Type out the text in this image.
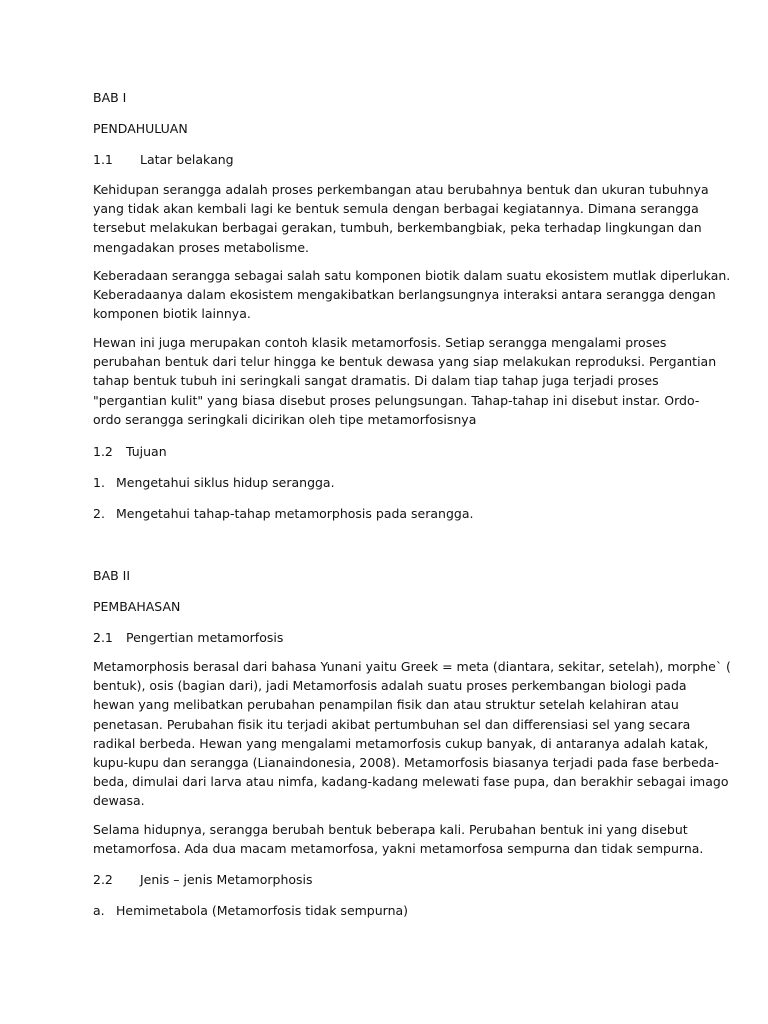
BAB I

PENDAHULUAN

1.1 Latar belakang

Kehidupan serangga adalah proses perkembangan atau berubahnya bentuk dan ukuran tubuhnya
yang tidak akan kembali lagi ke bentuk semula dengan berbagai kegiatannya. Dimana serangga
tersebut melakukan berbagai gerakan, tumbuh, berkembangbiak, peka terhadap lingkungan dan
mengadakan proses metabolisme.
Keberadaan serangga sebagai salah satu komponen biotik dalam suatu ekosistem mutlak diperlukan.
Keberadaanya dalam ekosistem mengakibatkan berlangsungnya interaksi antara serangga dengan
komponen biotik lainnya.
Hewan ini juga merupakan contoh klasik metamorfosis. Setiap serangga mengalami proses
perubahan bentuk dari telur hingga ke bentuk dewasa yang siap melakukan reproduksi. Pergantian
tahap bentuk tubuh ini seringkali sangat dramatis. Di dalam tiap tahap juga terjadi proses
"pergantian kulit" yang biasa disebut proses pelungsungan. Tahap-tahap ini disebut instar. Ordo-
ordo serangga seringkali dicirikan oleh tipe metamorfosisnya

1.2 Tujuan

1. Mengetahui siklus hidup serangga.

2. Mengetahui tahap-tahap metamorphosis pada serangga.

BAB II

PEMBAHASAN

2.1 Pengertian metamorfosis

Metamorphosis berasal dari bahasa Yunani yaitu Greek = meta (diantara, sekitar, setelah), morphe` (
bentuk), osis (bagian dari), jadi Metamorfosis adalah suatu proses perkembangan biologi pada
hewan yang melibatkan perubahan penampilan fisik dan atau struktur setelah kelahiran atau
penetasan. Perubahan fisik itu terjadi akibat pertumbuhan sel dan differensiasi sel yang secara
radikal berbeda. Hewan yang mengalami metamorfosis cukup banyak, di antaranya adalah katak,
kupu-kupu dan serangga (Lianaindonesia, 2008). Metamorfosis biasanya terjadi pada fase berbeda-
beda, dimulai dari larva atau nimfa, kadang-kadang melewati fase pupa, dan berakhir sebagai imago
dewasa.
Selama hidupnya, serangga berubah bentuk beberapa kali. Perubahan bentuk ini yang disebut
metamorfosa. Ada dua macam metamorfosa, yakni metamorfosa sempurna dan tidak sempurna.

2.2 Jenis – jenis Metamorphosis

a. Hemimetabola (Metamorfosis tidak sempurna)
